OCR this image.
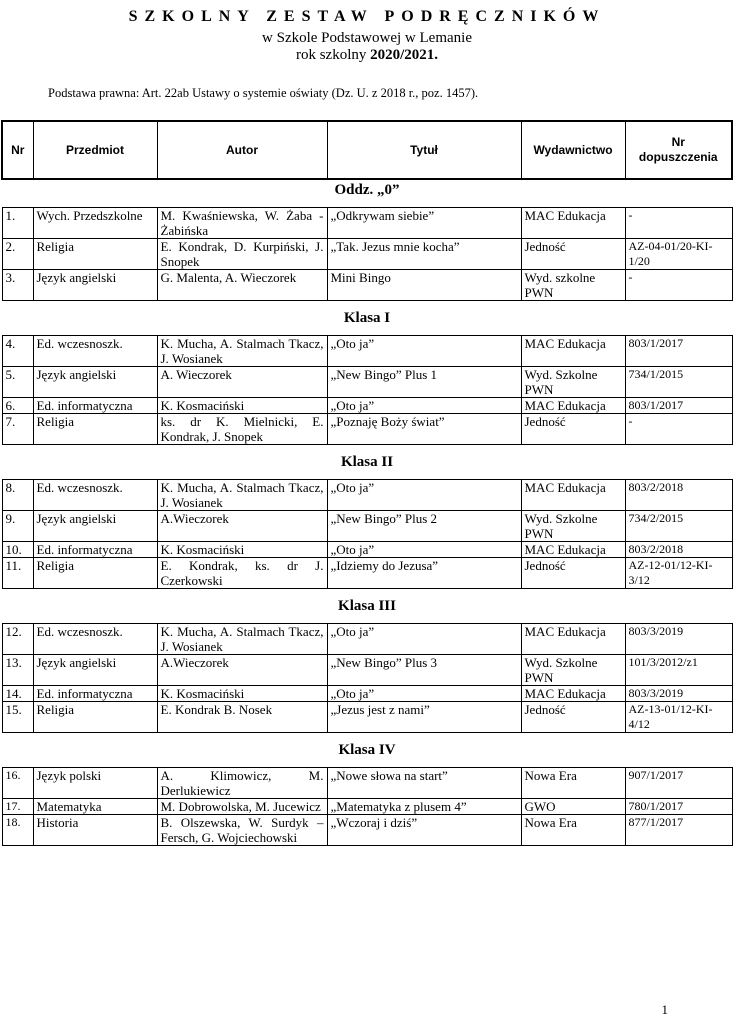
SZKOLNY ZESTAW PODRĘCZNIKÓW
w Szkole Podstawowej w Lemanie
rok szkolny 2020/2021.
Podstawa prawna: Art. 22ab Ustawy o systemie oświaty (Dz. U. z 2018 r., poz. 1457).
Nr	Przedmiot	Autor	Tytuł	Wydawnictwo	Nr
dopuszczenia
Oddz. „0”					
1.	Wych. Przedszkolne	M. Kwaśniewska, W. Żaba - Żabińska	„Odkrywam siebie”	MAC Edukacja	-
2.	Religia	E. Kondrak, D. Kurpiński, J. Snopek	„Tak. Jezus mnie kocha”	Jedność	AZ-04-01/20-KI-1/20
3.	Język angielski	G. Malenta, A. Wieczorek	Mini Bingo	Wyd. szkolne PWN	-
Klasa I					
4.	Ed. wczesnoszk.	K. Mucha, A. Stalmach Tkacz, J. Wosianek	„Oto ja”	MAC Edukacja	803/1/2017
5.	Język angielski	A. Wieczorek	„New Bingo” Plus 1	Wyd. Szkolne PWN	734/1/2015
6.	Ed. informatyczna	K. Kosmaciński	„Oto ja”	MAC Edukacja	803/1/2017
7.	Religia	ks. dr K. Mielnicki, E. Kondrak, J. Snopek	„Poznaję Boży świat”	Jedność	-
Klasa II					
8.	Ed. wczesnoszk.	K. Mucha, A. Stalmach Tkacz, J. Wosianek	„Oto ja”	MAC Edukacja	803/2/2018
9.	Język angielski	A.Wieczorek	„New Bingo” Plus 2	Wyd. Szkolne PWN	734/2/2015
10.	Ed. informatyczna	K. Kosmaciński	„Oto ja”	MAC Edukacja	803/2/2018
11.	Religia	E. Kondrak, ks. dr J. Czerkowski	„Idziemy do Jezusa”	Jedność	AZ-12-01/12-KI-3/12
Klasa III					
12.	Ed. wczesnoszk.	K. Mucha, A. Stalmach Tkacz, J. Wosianek	„Oto ja”	MAC Edukacja	803/3/2019
13.	Język angielski	A.Wieczorek	„New Bingo” Plus 3	Wyd. Szkolne PWN	101/3/2012/z1
14.	Ed. informatyczna	K. Kosmaciński	„Oto ja”	MAC Edukacja	803/3/2019
15.	Religia	E. Kondrak B. Nosek	„Jezus jest z nami”	Jedność	AZ-13-01/12-KI-4/12
Klasa IV					
16.	Język polski	A. Klimowicz, M. Derlukiewicz	„Nowe słowa na start”	Nowa Era	907/1/2017
17.	Matematyka	M. Dobrowolska, M. Jucewicz	„Matematyka z plusem 4”	GWO	780/1/2017
18.	Historia	B. Olszewska, W. Surdyk – Fersch, G. Wojciechowski	„Wczoraj i dziś”	Nowa Era	877/1/2017
1
